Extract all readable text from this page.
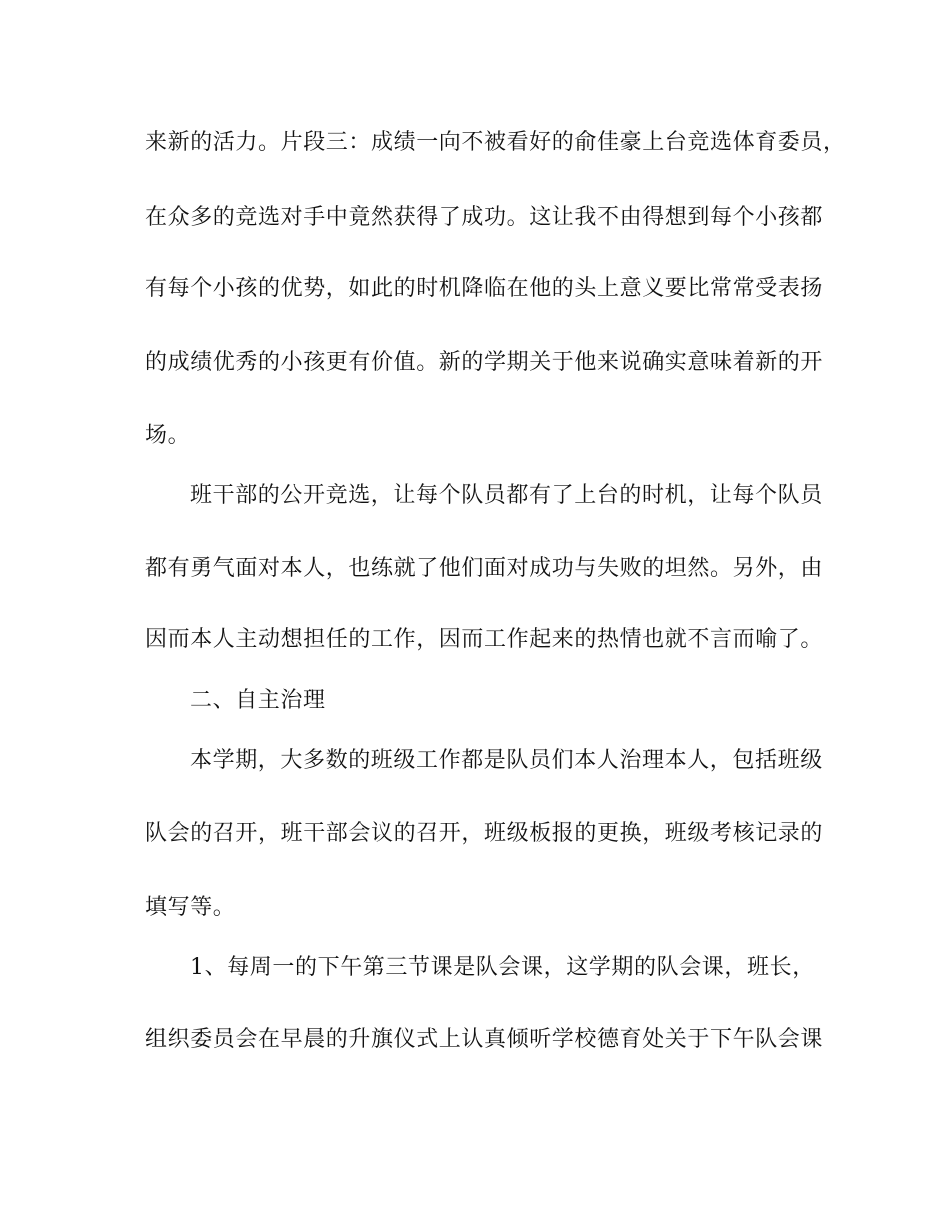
来新的活力。片段三：成绩一向不被看好的俞佳豪上台竞选体育委员，
在众多的竞选对手中竟然获得了成功。这让我不由得想到每个小孩都
有每个小孩的优势，如此的时机降临在他的头上意义要比常常受表扬
的成绩优秀的小孩更有价值。新的学期关于他来说确实意味着新的开
场。
班干部的公开竞选，让每个队员都有了上台的时机，让每个队员
都有勇气面对本人，也练就了他们面对成功与失败的坦然。另外，由
因而本人主动想担任的工作，因而工作起来的热情也就不言而喻了。
二、自主治理
本学期，大多数的班级工作都是队员们本人治理本人，包括班级
队会的召开，班干部会议的召开，班级板报的更换，班级考核记录的
填写等。
1、每周一的下午第三节课是队会课，这学期的队会课，班长，
组织委员会在早晨的升旗仪式上认真倾听学校德育处关于下午队会课
